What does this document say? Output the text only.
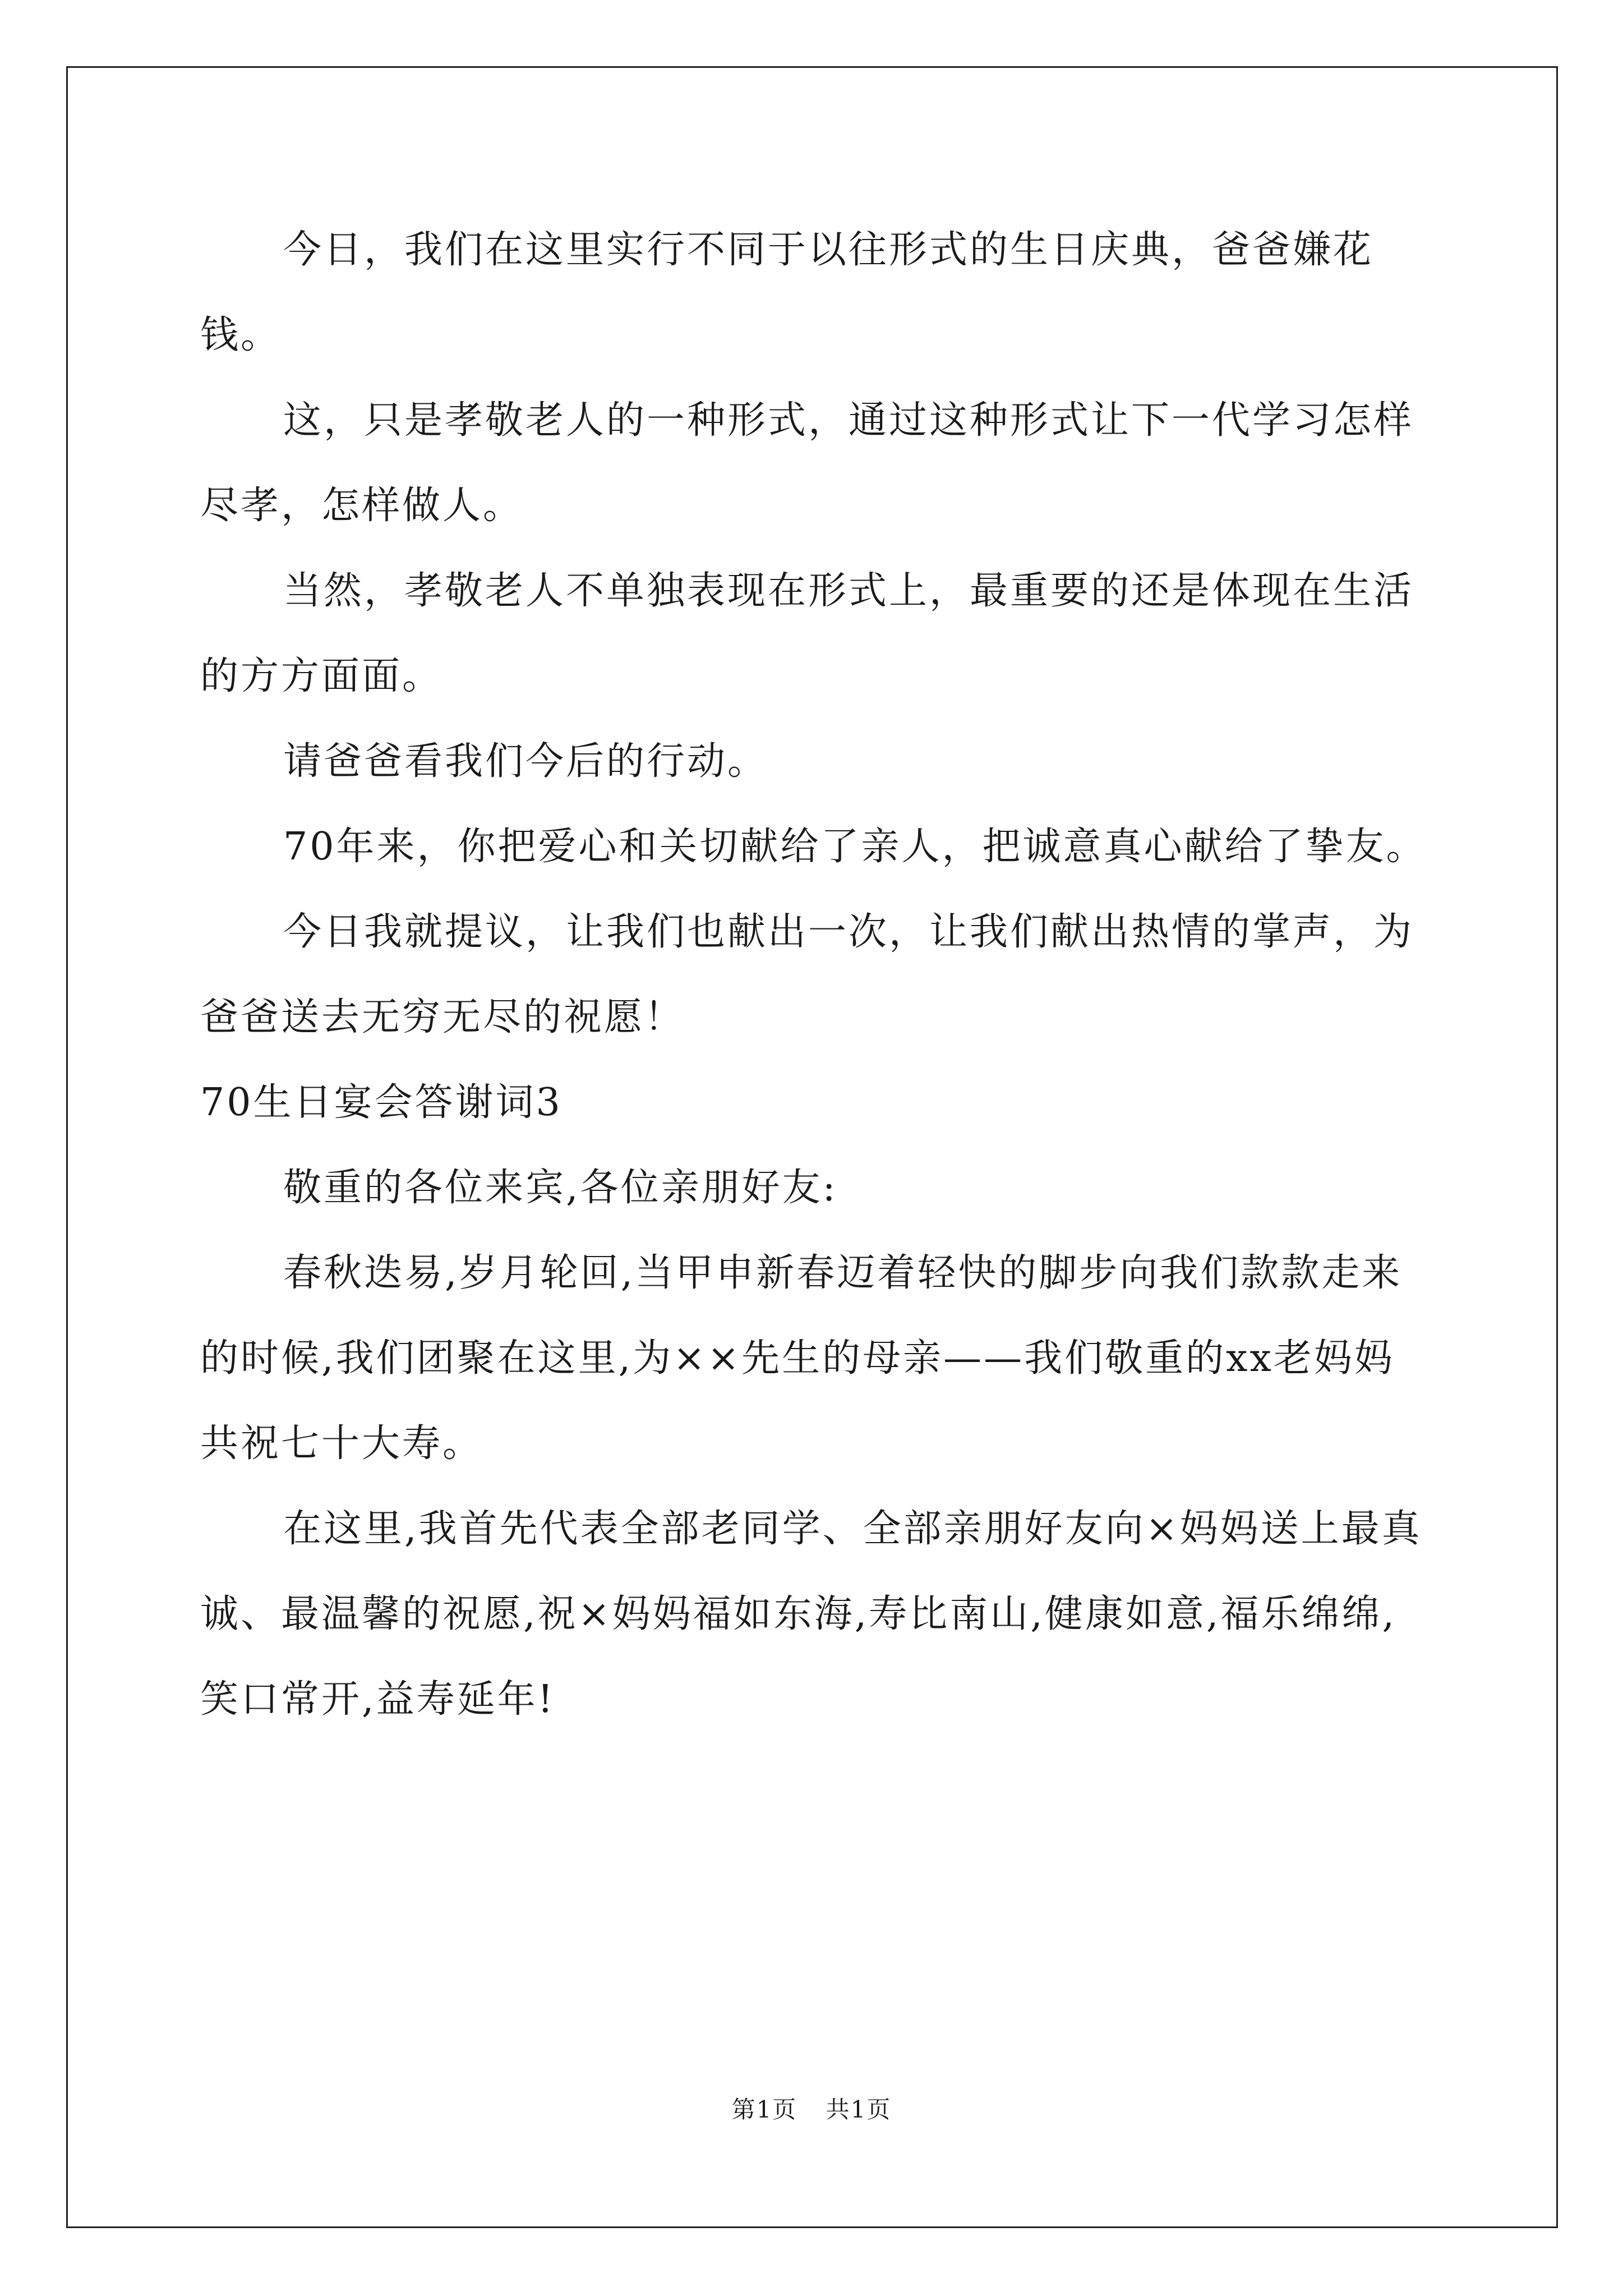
今日，我们在这里实行不同于以往形式的生日庆典，爸爸嫌花钱。

这，只是孝敬老人的一种形式，通过这种形式让下一代学习怎样尽孝，怎样做人。

当然，孝敬老人不单独表现在形式上，最重要的还是体现在生活的方方面面。

请爸爸看我们今后的行动。

70年来，你把爱心和关切献给了亲人，把诚意真心献给了挚友。

今日我就提议，让我们也献出一次，让我们献出热情的掌声，为爸爸送去无穷无尽的祝愿！

70生日宴会答谢词3

敬重的各位来宾,各位亲朋好友:

春秋迭易,岁月轮回,当甲申新春迈着轻快的脚步向我们款款走来的时候,我们团聚在这里,为××先生的母亲——我们敬重的xx老妈妈共祝七十大寿。

在这里,我首先代表全部老同学、全部亲朋好友向×妈妈送上最真诚、最温馨的祝愿,祝×妈妈福如东海,寿比南山,健康如意,福乐绵绵,笑口常开,益寿延年!

第1页 共1页
